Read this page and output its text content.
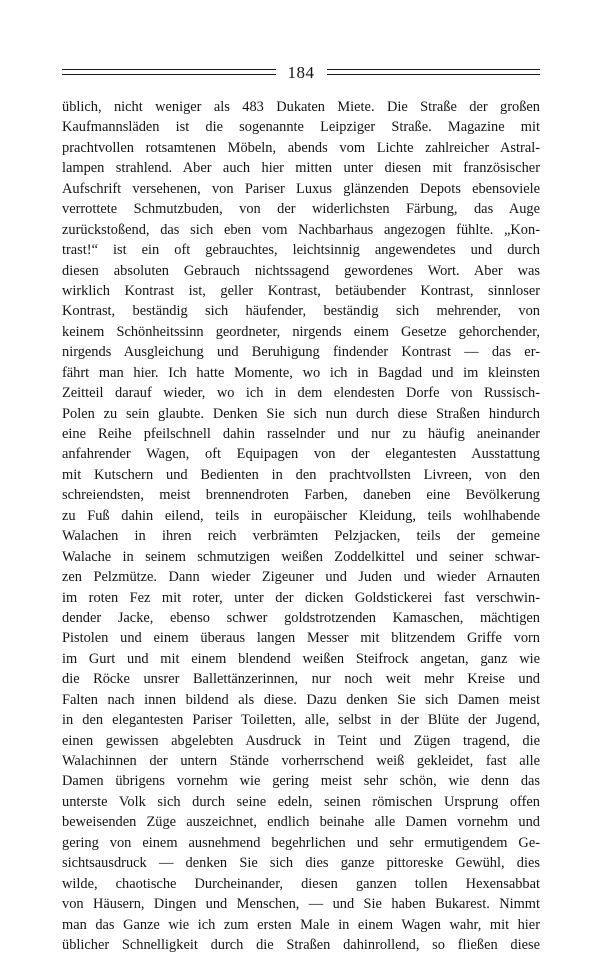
184
üblich, nicht weniger als 483 Dukaten Miete. Die Straße der großen
Kaufmannsläden ist die sogenannte Leipziger Straße. Magazine mit
prachtvollen rotsamtenen Möbeln, abends vom Lichte zahlreicher Astral-
lampen strahlend. Aber auch hier mitten unter diesen mit französischer
Aufschrift versehenen, von Pariser Luxus glänzenden Depots ebensoviele
verrottete Schmutzbuden, von der widerlichsten Färbung, das Auge
zurückstoßend, das sich eben vom Nachbarhaus angezogen fühlte. „Kon-
trast!“ ist ein oft gebrauchtes, leichtsinnig angewendetes und durch
diesen absoluten Gebrauch nichtssagend gewordenes Wort. Aber was
wirklich Kontrast ist, geller Kontrast, betäubender Kontrast, sinnloser
Kontrast, beständig sich häufender, beständig sich mehrender, von
keinem Schönheitssinn geordneter, nirgends einem Gesetze gehorchender,
nirgends Ausgleichung und Beruhigung findender Kontrast — das er-
fährt man hier. Ich hatte Momente, wo ich in Bagdad und im kleinsten
Zeitteil darauf wieder, wo ich in dem elendesten Dorfe von Russisch-
Polen zu sein glaubte. Denken Sie sich nun durch diese Straßen hindurch
eine Reihe pfeilschnell dahin rasselnder und nur zu häufig aneinander
anfahrender Wagen, oft Equipagen von der elegantesten Ausstattung
mit Kutschern und Bedienten in den prachtvollsten Livreen, von den
schreiendsten, meist brennendroten Farben, daneben eine Bevölkerung
zu Fuß dahin eilend, teils in europäischer Kleidung, teils wohlhabende
Walachen in ihren reich verbrämten Pelzjacken, teils der gemeine
Walache in seinem schmutzigen weißen Zoddelkittel und seiner schwar-
zen Pelzmütze. Dann wieder Zigeuner und Juden und wieder Arnauten
im roten Fez mit roter, unter der dicken Goldstickerei fast verschwin-
dender Jacke, ebenso schwer goldstrotzenden Kamaschen, mächtigen
Pistolen und einem überaus langen Messer mit blitzendem Griffe vorn
im Gurt und mit einem blendend weißen Steifrock angetan, ganz wie
die Röcke unsrer Ballettänzerinnen, nur noch weit mehr Kreise und
Falten nach innen bildend als diese. Dazu denken Sie sich Damen meist
in den elegantesten Pariser Toiletten, alle, selbst in der Blüte der Jugend,
einen gewissen abgelebten Ausdruck in Teint und Zügen tragend, die
Walachinnen der untern Stände vorherrschend weiß gekleidet, fast alle
Damen übrigens vornehm wie gering meist sehr schön, wie denn das
unterste Volk sich durch seine edeln, seinen römischen Ursprung offen
beweisenden Züge auszeichnet, endlich beinahe alle Damen vornehm und
gering von einem ausnehmend begehrlichen und sehr ermutigendem Ge-
sichtsausdruck — denken Sie sich dies ganze pittoreske Gewühl, dies
wilde, chaotische Durcheinander, diesen ganzen tollen Hexensabbat
von Häusern, Dingen und Menschen, — und Sie haben Bukarest. Nimmt
man das Ganze wie ich zum ersten Male in einem Wagen wahr, mit hier
üblicher Schnelligkeit durch die Straßen dahinrollend, so fließen diese
